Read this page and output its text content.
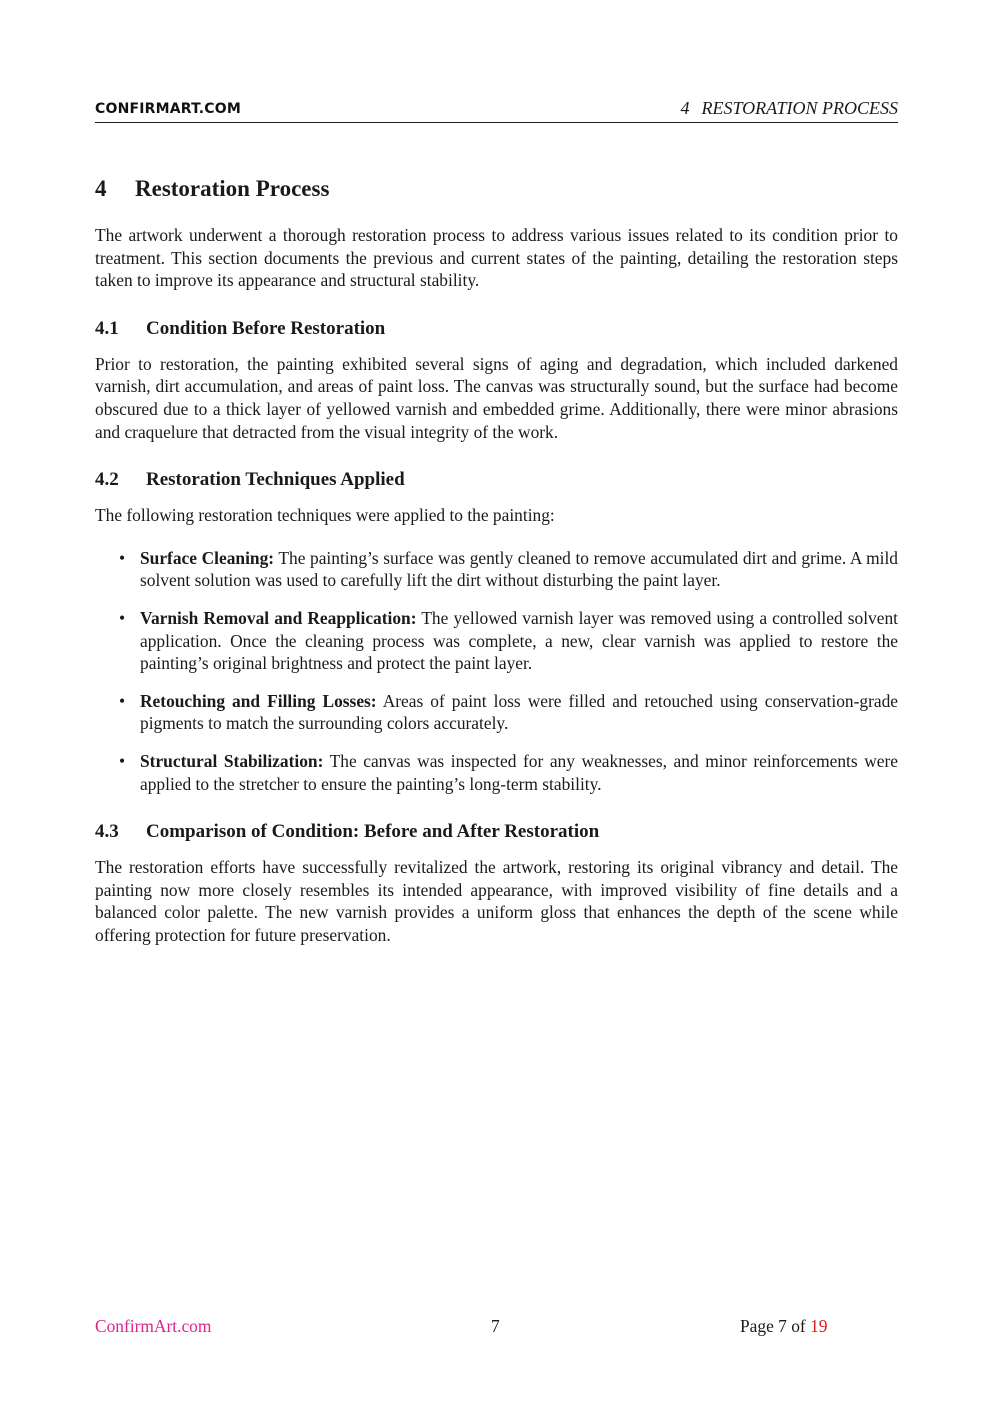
CONFIRMART.COM	4 RESTORATION PROCESS
4 Restoration Process

The artwork underwent a thorough restoration process to address various issues related to its condition prior to treatment. This section documents the previous and current states of the painting, detailing the restoration steps taken to improve its appearance and structural stability.

4.1 Condition Before Restoration

Prior to restoration, the painting exhibited several signs of aging and degradation, which included darkened varnish, dirt accumulation, and areas of paint loss. The canvas was structurally sound, but the surface had become obscured due to a thick layer of yellowed varnish and embedded grime. Additionally, there were minor abrasions and craquelure that detracted from the visual integrity of the work.

4.2 Restoration Techniques Applied

The following restoration techniques were applied to the painting:

• Surface Cleaning: The painting’s surface was gently cleaned to remove accumulated dirt and grime. A mild solvent solution was used to carefully lift the dirt without disturbing the paint layer.
• Varnish Removal and Reapplication: The yellowed varnish layer was removed using a controlled solvent application. Once the cleaning process was complete, a new, clear varnish was applied to restore the painting’s original brightness and protect the paint layer.
• Retouching and Filling Losses: Areas of paint loss were filled and retouched using conservation-grade pigments to match the surrounding colors accurately.
• Structural Stabilization: The canvas was inspected for any weaknesses, and minor reinforcements were applied to the stretcher to ensure the painting’s long-term stability.
4.3 Comparison of Condition: Before and After Restoration

The restoration efforts have successfully revitalized the artwork, restoring its original vibrancy and detail. The painting now more closely resembles its intended appearance, with improved visibility of fine details and a balanced color palette. The new varnish provides a uniform gloss that enhances the depth of the scene while offering protection for future preservation.

ConfirmArt.com	7	Page 7 of 19
